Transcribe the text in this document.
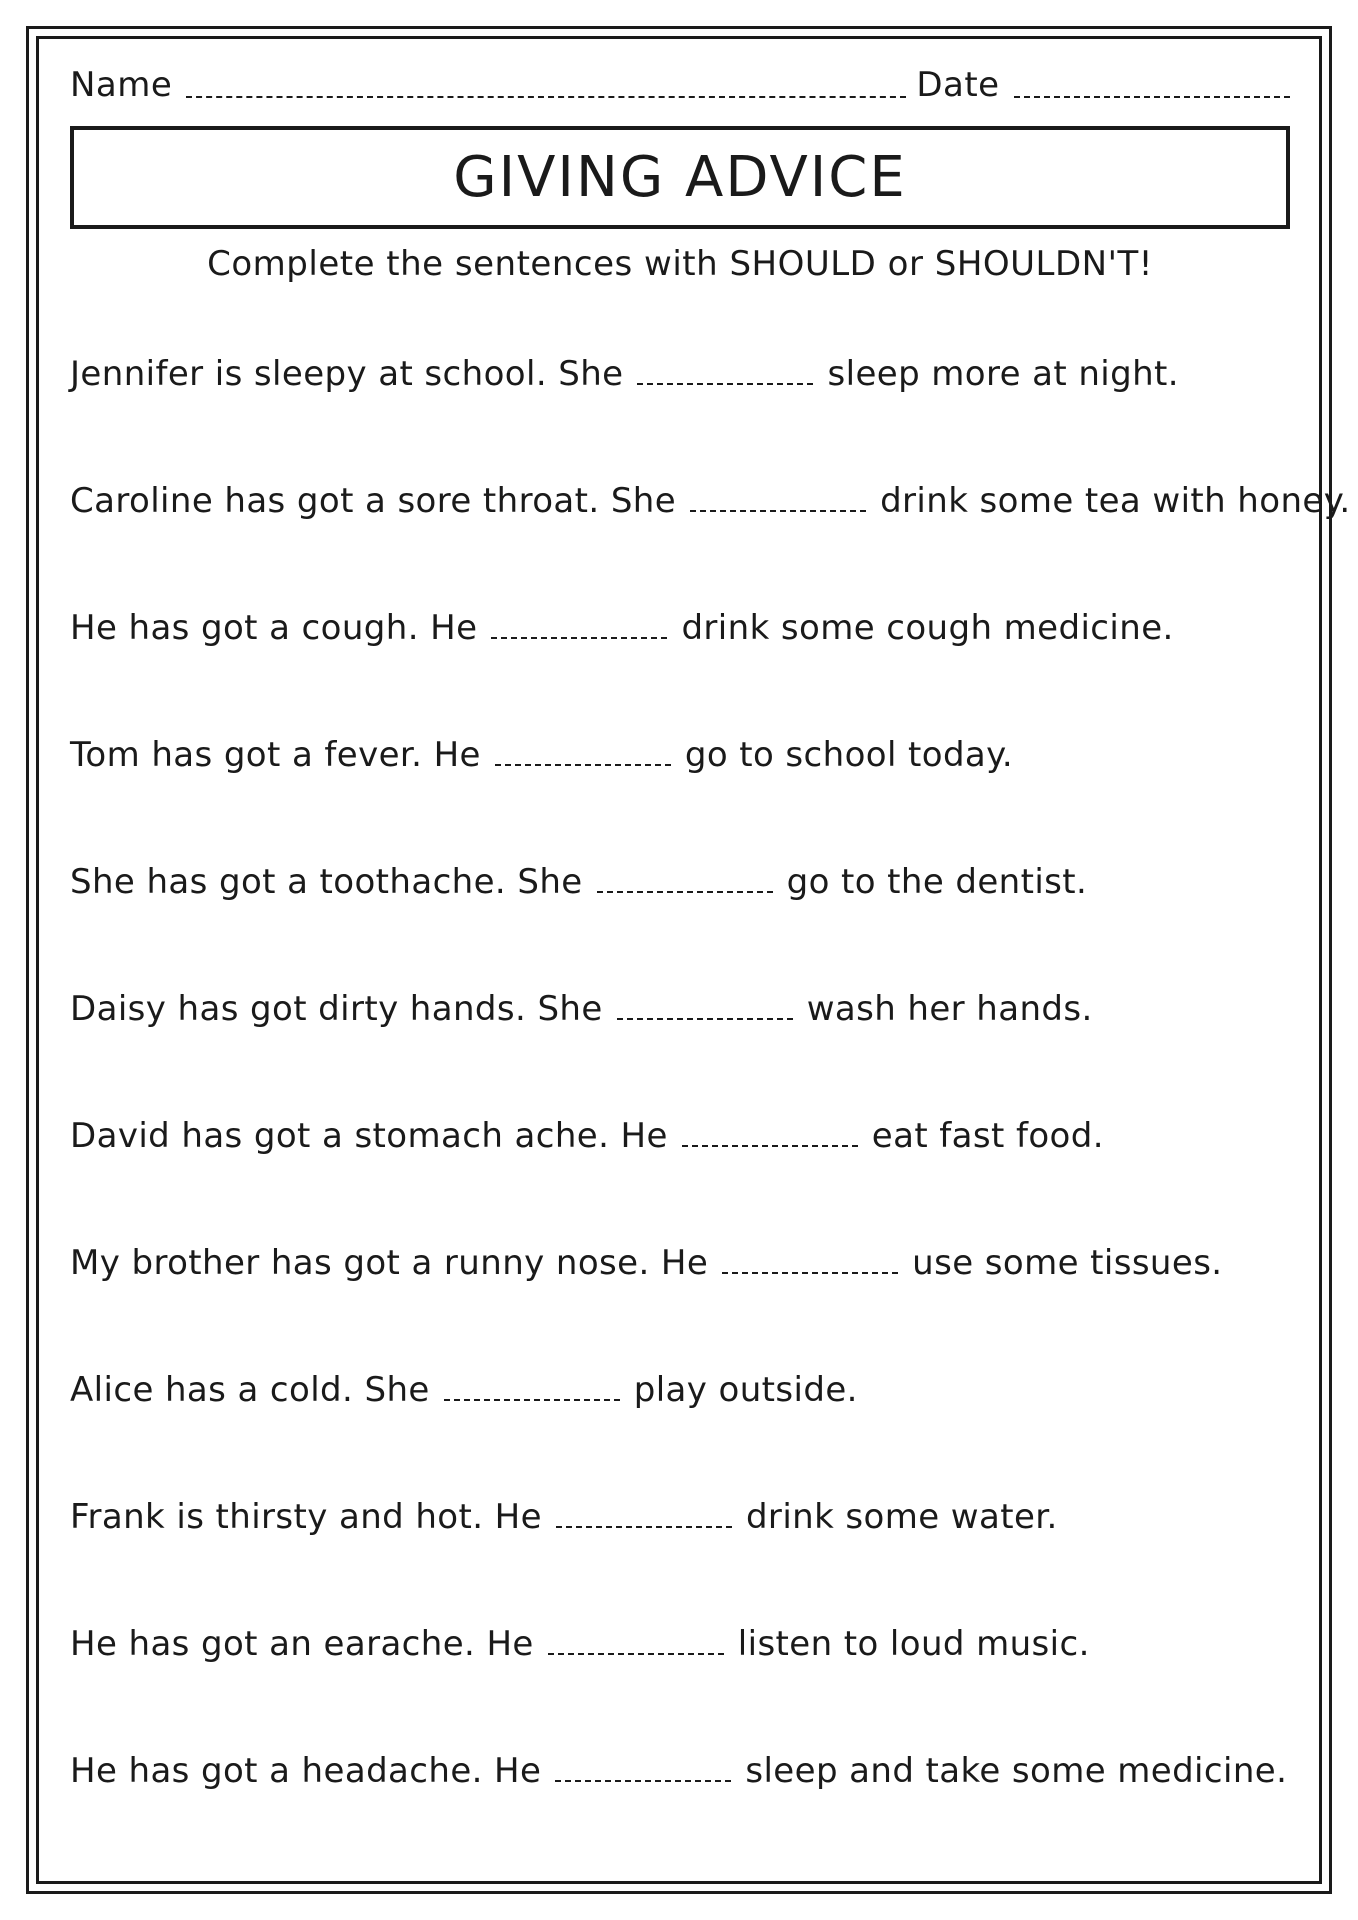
Name	Date
GIVING ADVICE
Complete the sentences with SHOULD or SHOULDN'T!
Jennifer is sleepy at school. She	sleep more at night.
Caroline has got a sore throat. She	drink some tea with honey.
He has got a cough. He	drink some cough medicine.
Tom has got a fever. He	go to school today.
She has got a toothache. She	go to the dentist.
Daisy has got dirty hands. She	wash her hands.
David has got a stomach ache. He	eat fast food.
My brother has got a runny nose. He	use some tissues.
Alice has a cold. She	play outside.
Frank is thirsty and hot. He	drink some water.
He has got an earache. He	listen to loud music.
He has got a headache. He	sleep and take some medicine.
